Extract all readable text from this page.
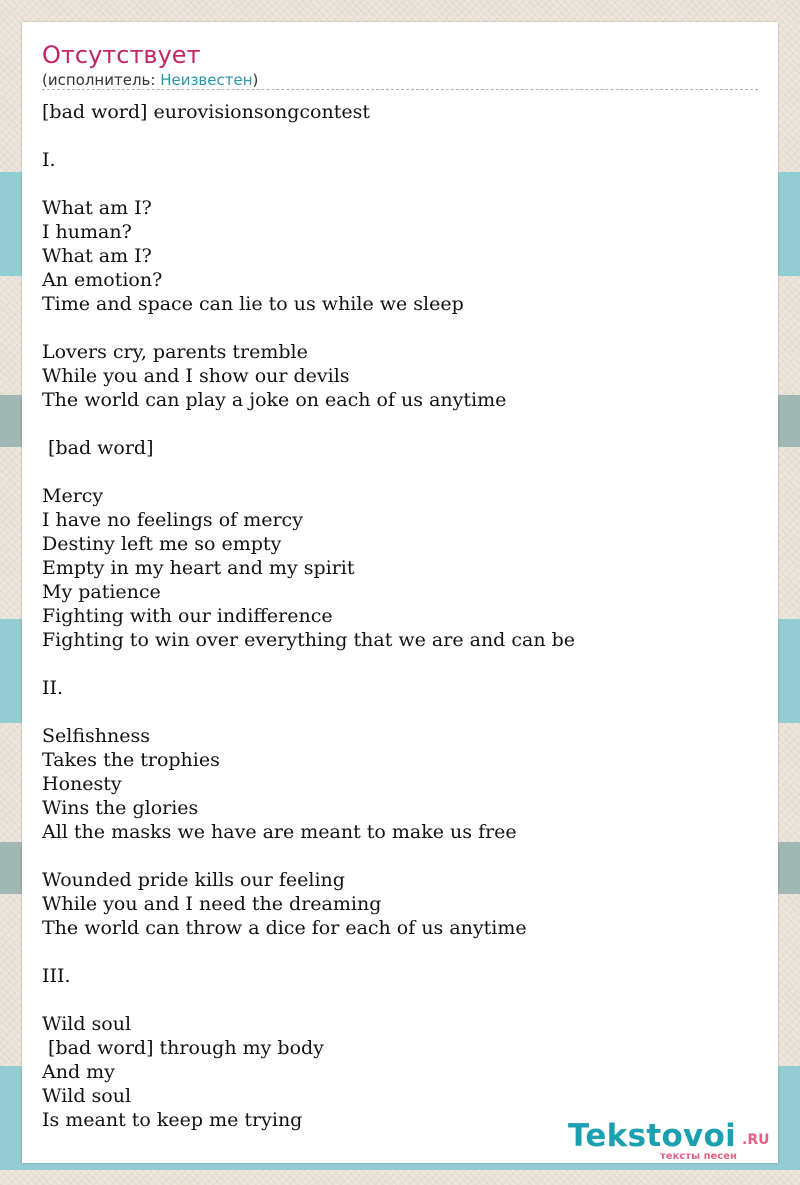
Отсутствует
(исполнитель: Неизвестен)
[bad word] eurovisionsongcontest
I.
What am I?
I human?
What am I?
An emotion?
Time and space can lie to us while we sleep
Lovers cry, parents tremble
While you and I show our devils
The world can play a joke on each of us anytime
[bad word]
Mercy
I have no feelings of mercy
Destiny left me so empty
Empty in my heart and my spirit
My patience
Fighting with our indifference
Fighting to win over everything that we are and can be
II.
Selfishness
Takes the trophies
Honesty
Wins the glories
All the masks we have are meant to make us free
Wounded pride kills our feeling
While you and I need the dreaming
The world can throw a dice for each of us anytime
III.
Wild soul
[bad word] through my body
And my
Wild soul
Is meant to keep me trying	Tekstovoi .RU
тексты песен
